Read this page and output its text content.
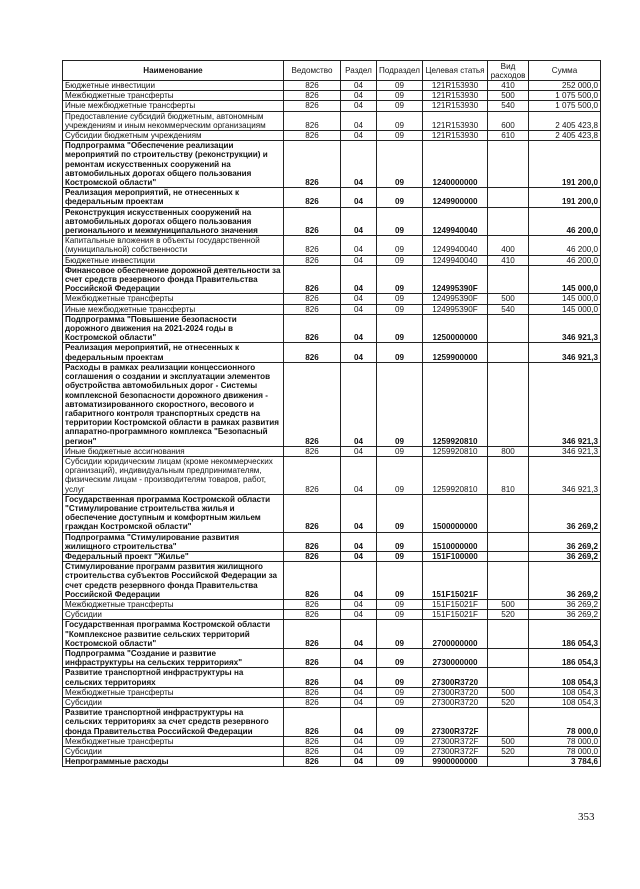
Наименование	Ведомство	Раздел	Подраздел	Целевая статья	Вид расходов	Сумма
Бюджетные инвестиции	826	04	09	121R153930	410	252 000,0
Межбюджетные трансферты	826	04	09	121R153930	500	1 075 500,0
Иные межбюджетные трансферты	826	04	09	121R153930	540	1 075 500,0
Предоставление субсидий бюджетным, автономным учреждениям и иным некоммерческим организациям	826	04	09	121R153930	600	2 405 423,8
Субсидии бюджетным учреждениям	826	04	09	121R153930	610	2 405 423,8
Подпрограмма "Обеспечение реализации мероприятий по строительству (реконструкции) и ремонтам искусственных сооружений на автомобильных дорогах общего пользования Костромской области"	826	04	09	1240000000		191 200,0
Реализация мероприятий, не отнесенных к федеральным проектам	826	04	09	1249900000		191 200,0
Реконструкция искусственных сооружений на автомобильных дорогах общего пользования регионального и межмуниципального значения	826	04	09	1249940040		46 200,0
Капитальные вложения в объекты государственной (муниципальной) собственности	826	04	09	1249940040	400	46 200,0
Бюджетные инвестиции	826	04	09	1249940040	410	46 200,0
Финансовое обеспечение дорожной деятельности за счет средств резервного фонда Правительства Российской Федерации	826	04	09	124995390F		145 000,0
Межбюджетные трансферты	826	04	09	124995390F	500	145 000,0
Иные межбюджетные трансферты	826	04	09	124995390F	540	145 000,0
Подпрограмма "Повышение безопасности дорожного движения на 2021-2024 годы в Костромской области"	826	04	09	1250000000		346 921,3
Реализация мероприятий, не отнесенных к федеральным проектам	826	04	09	1259900000		346 921,3
Расходы в рамках реализации концессионного соглашения о создании и эксплуатации элементов обустройства автомобильных дорог - Системы комплексной безопасности дорожного движения - автоматизированного скоростного, весового и габаритного контроля транспортных средств на территории Костромской области в рамках развития аппаратно-программного комплекса "Безопасный регион"	826	04	09	1259920810		346 921,3
Иные бюджетные ассигнования	826	04	09	1259920810	800	346 921,3
Субсидии юридическим лицам (кроме некоммерческих организаций), индивидуальным предпринимателям, физическим лицам - производителям товаров, работ, услуг	826	04	09	1259920810	810	346 921,3
Государственная программа Костромской области "Стимулирование строительства жилья и обеспечение доступным и комфортным жильем граждан Костромской области"	826	04	09	1500000000		36 269,2
Подпрограмма "Стимулирование развития жилищного строительства"	826	04	09	1510000000		36 269,2
Федеральный проект "Жилье"	826	04	09	151F100000		36 269,2
Стимулирование программ развития жилищного строительства субъектов Российской Федерации за счет средств резервного фонда Правительства Российской Федерации	826	04	09	151F15021F		36 269,2
Межбюджетные трансферты	826	04	09	151F15021F	500	36 269,2
Субсидии	826	04	09	151F15021F	520	36 269,2
Государственная программа Костромской области "Комплексное развитие сельских территорий Костромской области"	826	04	09	2700000000		186 054,3
Подпрограмма "Создание и развитие инфраструктуры на сельских территориях"	826	04	09	2730000000		186 054,3
Развитие транспортной инфраструктуры на сельских территориях	826	04	09	27300R3720		108 054,3
Межбюджетные трансферты	826	04	09	27300R3720	500	108 054,3
Субсидии	826	04	09	27300R3720	520	108 054,3
Развитие транспортной инфраструктуры на сельских территориях за счет средств резервного фонда Правительства Российской Федерации	826	04	09	27300R372F		78 000,0
Межбюджетные трансферты	826	04	09	27300R372F	500	78 000,0
Субсидии	826	04	09	27300R372F	520	78 000,0
Непрограммные расходы	826	04	09	9900000000		3 784,6
353
